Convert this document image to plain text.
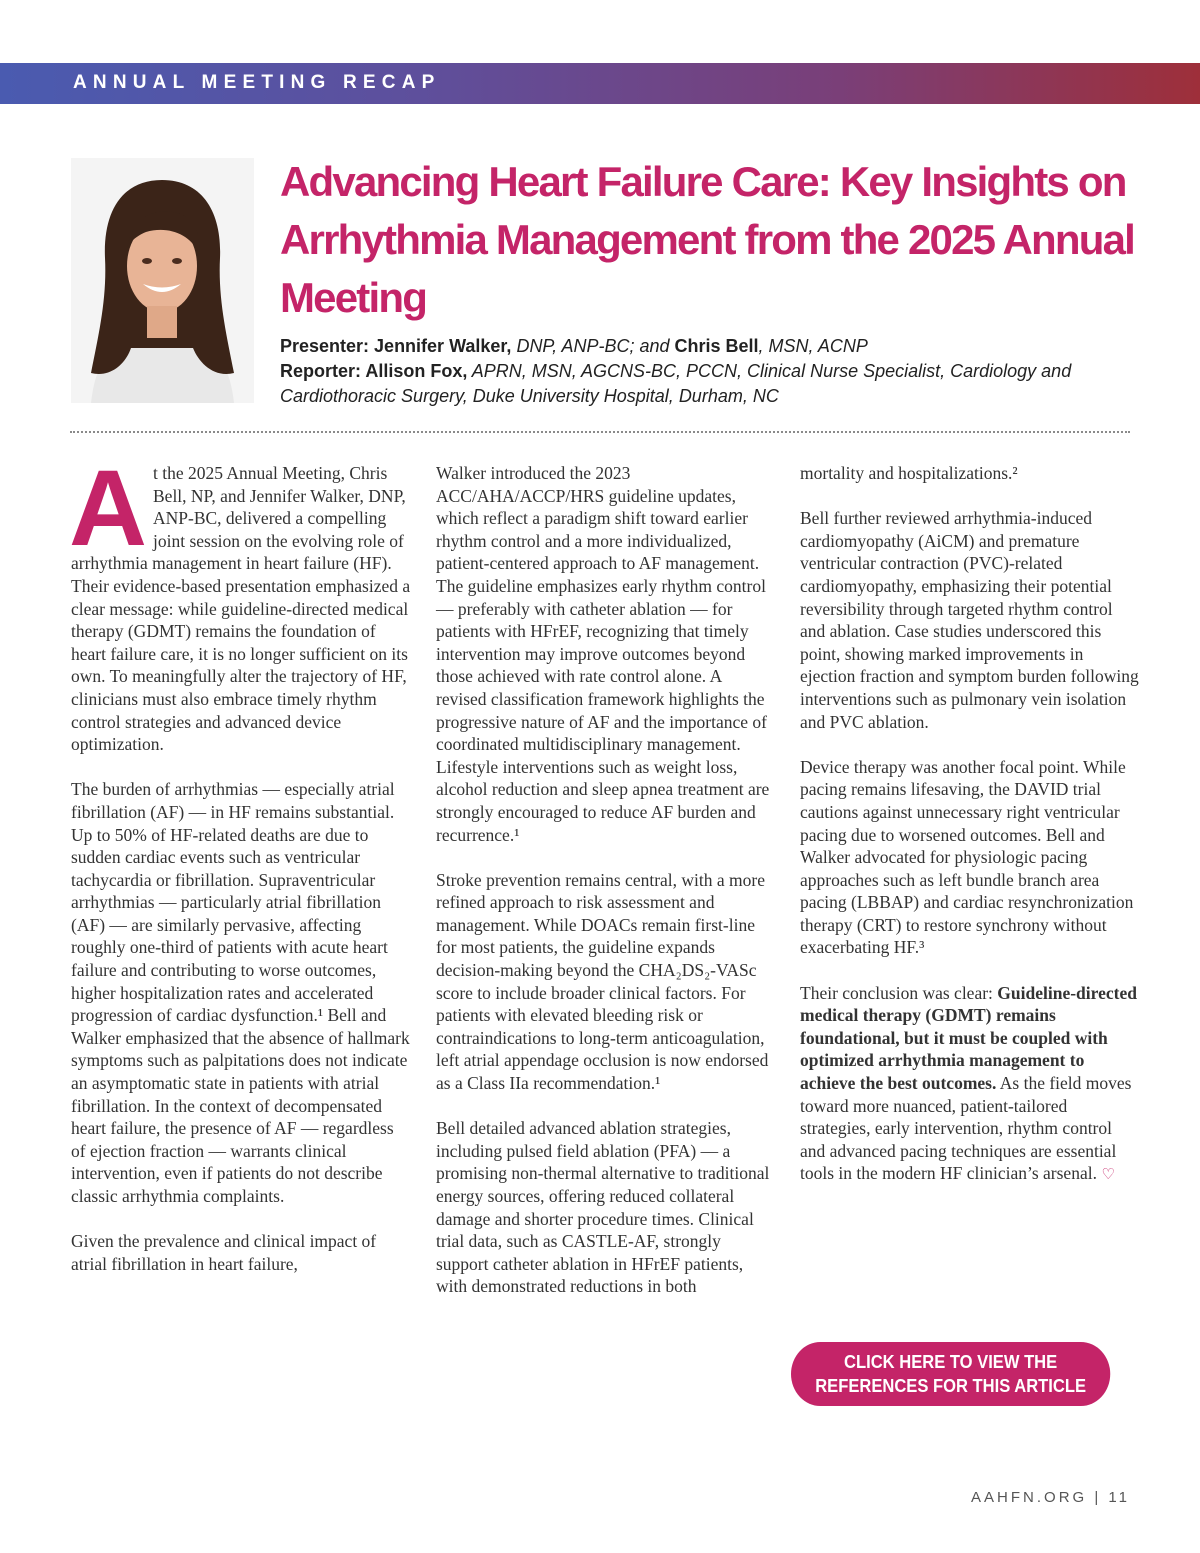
ANNUAL MEETING RECAP
Advancing Heart Failure Care: Key Insights on Arrhythmia Management from the 2025 Annual Meeting
Presenter: Jennifer Walker, DNP, ANP-BC; and Chris Bell, MSN, ACNP
Reporter: Allison Fox, APRN, MSN, AGCNS-BC, PCCN, Clinical Nurse Specialist, Cardiology and
Cardiothoracic Surgery, Duke University Hospital, Durham, NC

At the 2025 Annual Meeting, Chris Bell, NP, and Jennifer Walker, DNP, ANP-BC, delivered a compelling joint session on the evolving role of arrhythmia management in heart failure (HF). Their evidence-based presentation emphasized a clear message: while guideline-directed medical therapy (GDMT) remains the foundation of heart failure care, it is no longer sufficient on its own. To meaningfully alter the trajectory of HF, clinicians must also embrace timely rhythm control strategies and advanced device optimization.

The burden of arrhythmias — especially atrial fibrillation (AF) — in HF remains substantial. Up to 50% of HF-related deaths are due to sudden cardiac events such as ventricular tachycardia or fibrillation. Supraventricular arrhythmias — particularly atrial fibrillation (AF) — are similarly pervasive, affecting roughly one-third of patients with acute heart failure and contributing to worse outcomes, higher hospitalization rates and accelerated progression of cardiac dysfunction.¹ Bell and Walker emphasized that the absence of hallmark symptoms such as palpitations does not indicate an asymptomatic state in patients with atrial fibrillation. In the context of decompensated heart failure, the presence of AF — regardless of ejection fraction — warrants clinical intervention, even if patients do not describe classic arrhythmia complaints.

Given the prevalence and clinical impact of atrial fibrillation in heart failure,

Walker introduced the 2023 ACC/AHA/ACCP/HRS guideline updates, which reflect a paradigm shift toward earlier rhythm control and a more individualized, patient-centered approach to AF management. The guideline emphasizes early rhythm control — preferably with catheter ablation — for patients with HFrEF, recognizing that timely intervention may improve outcomes beyond those achieved with rate control alone. A revised classification framework highlights the progressive nature of AF and the importance of coordinated multidisciplinary management. Lifestyle interventions such as weight loss, alcohol reduction and sleep apnea treatment are strongly encouraged to reduce AF burden and recurrence.¹

Stroke prevention remains central, with a more refined approach to risk assessment and management. While DOACs remain first-line for most patients, the guideline expands decision-making beyond the CHA₂DS₂-VASc score to include broader clinical factors. For patients with elevated bleeding risk or contraindications to long-term anticoagulation, left atrial appendage occlusion is now endorsed as a Class IIa recommendation.¹

Bell detailed advanced ablation strategies, including pulsed field ablation (PFA) — a promising non-thermal alternative to traditional energy sources, offering reduced collateral damage and shorter procedure times. Clinical trial data, such as CASTLE-AF, strongly support catheter ablation in HFrEF patients, with demonstrated reductions in both

mortality and hospitalizations.²

Bell further reviewed arrhythmia-induced cardiomyopathy (AiCM) and premature ventricular contraction (PVC)-related cardiomyopathy, emphasizing their potential reversibility through targeted rhythm control and ablation. Case studies underscored this point, showing marked improvements in ejection fraction and symptom burden following interventions such as pulmonary vein isolation and PVC ablation.

Device therapy was another focal point. While pacing remains lifesaving, the DAVID trial cautions against unnecessary right ventricular pacing due to worsened outcomes. Bell and Walker advocated for physiologic pacing approaches such as left bundle branch area pacing (LBBAP) and cardiac resynchronization therapy (CRT) to restore synchrony without exacerbating HF.³

Their conclusion was clear: Guideline-directed medical therapy (GDMT) remains foundational, but it must be coupled with optimized arrhythmia management to achieve the best outcomes. As the field moves toward more nuanced, patient-tailored strategies, early intervention, rhythm control and advanced pacing techniques are essential tools in the modern HF clinician’s arsenal. ♡

CLICK HERE TO VIEW THE
REFERENCES FOR THIS ARTICLE
AAHFN.ORG | 11
